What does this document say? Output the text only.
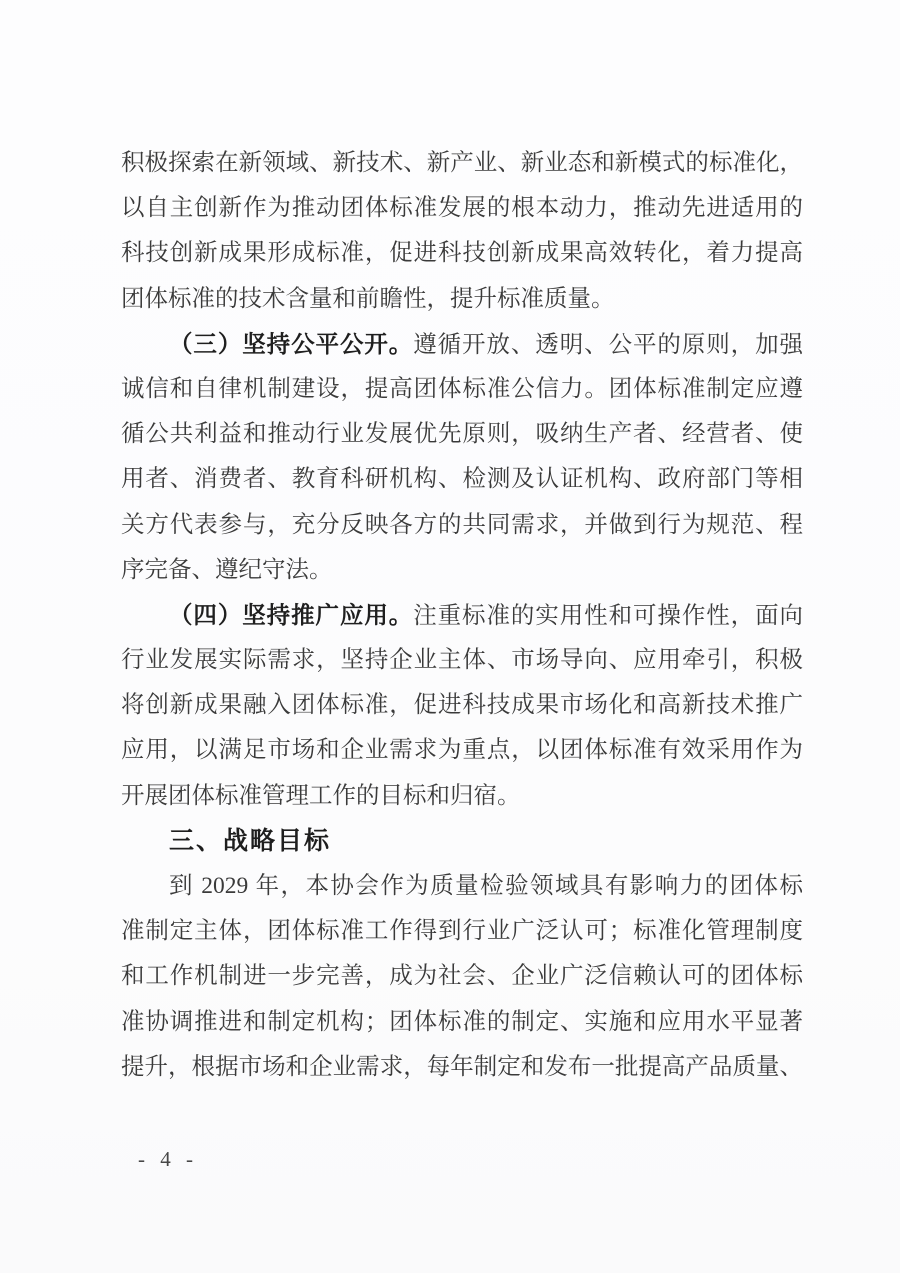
积极探索在新领域、新技术、新产业、新业态和新模式的标准化，
以自主创新作为推动团体标准发展的根本动力，推动先进适用的
科技创新成果形成标准，促进科技创新成果高效转化，着力提高
团体标准的技术含量和前瞻性，提升标准质量。
（三）坚持公平公开。遵循开放、透明、公平的原则，加强
诚信和自律机制建设，提高团体标准公信力。团体标准制定应遵
循公共利益和推动行业发展优先原则，吸纳生产者、经营者、使
用者、消费者、教育科研机构、检测及认证机构、政府部门等相
关方代表参与，充分反映各方的共同需求，并做到行为规范、程
序完备、遵纪守法。
（四）坚持推广应用。注重标准的实用性和可操作性，面向
行业发展实际需求，坚持企业主体、市场导向、应用牵引，积极
将创新成果融入团体标准，促进科技成果市场化和高新技术推广
应用，以满足市场和企业需求为重点，以团体标准有效采用作为
开展团体标准管理工作的目标和归宿。
三、战略目标
到 2029 年，本协会作为质量检验领域具有影响力的团体标
准制定主体，团体标准工作得到行业广泛认可；标准化管理制度
和工作机制进一步完善，成为社会、企业广泛信赖认可的团体标
准协调推进和制定机构；团体标准的制定、实施和应用水平显著
提升，根据市场和企业需求，每年制定和发布一批提高产品质量、
- 4 -
